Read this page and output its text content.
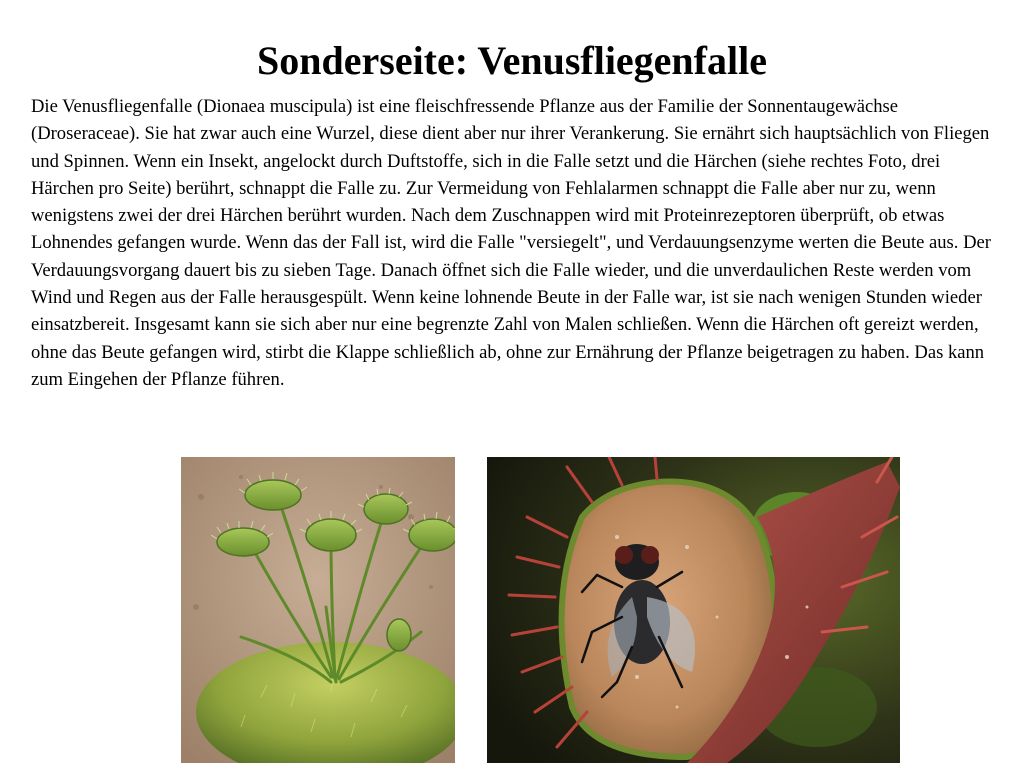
Sonderseite: Venusfliegenfalle

Die Venusfliegenfalle (Dionaea muscipula) ist eine fleischfressende Pflanze aus der Familie der Sonnentaugewächse (Droseraceae). Sie hat zwar auch eine Wurzel, diese dient aber nur ihrer Verankerung. Sie ernährt sich hauptsächlich von Fliegen und Spinnen. Wenn ein Insekt, angelockt durch Duftstoffe, sich in die Falle setzt und die Härchen (siehe rechtes Foto, drei Härchen pro Seite) berührt, schnappt die Falle zu. Zur Vermeidung von Fehlalarmen schnappt die Falle aber nur zu, wenn wenigstens zwei der drei Härchen berührt wurden. Nach dem Zuschnappen wird mit Proteinrezeptoren überprüft, ob etwas Lohnendes gefangen wurde. Wenn das der Fall ist, wird die Falle "versiegelt", und Verdauungsenzyme werten die Beute aus. Der Verdauungsvorgang dauert bis zu sieben Tage. Danach öffnet sich die Falle wieder, und die unverdaulichen Reste werden vom Wind und Regen aus der Falle herausgespült. Wenn keine lohnende Beute in der Falle war, ist sie nach wenigen Stunden wieder einsatzbereit. Insgesamt kann sie sich aber nur eine begrenzte Zahl von Malen schließen. Wenn die Härchen oft gereizt werden, ohne das Beute gefangen wird, stirbt die Klappe schließlich ab, ohne zur Ernährung der Pflanze beigetragen zu haben. Das kann zum Eingehen der Pflanze führen.
